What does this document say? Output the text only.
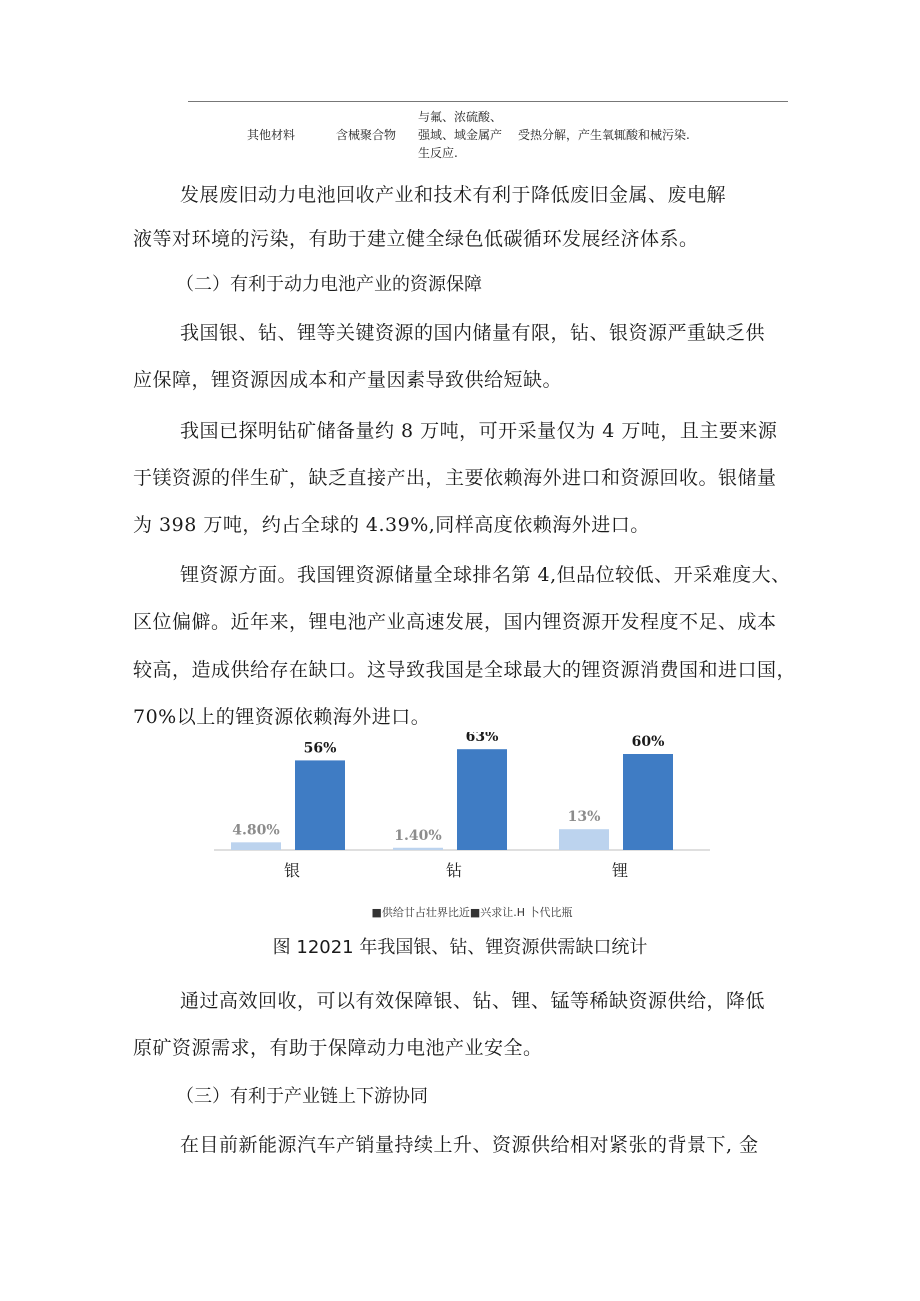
其他材料	含械聚合物
与氟、浓硫酸、
强域、域金属产
生反应.
受热分解，产生氧辄酸和械污染.
发展废旧动力电池回收产业和技术有利于降低废旧金属、废电解
液等对环境的污染，有助于建立健全绿色低碳循环发展经济体系。
（二）有利于动力电池产业的资源保障
我国银、钻、锂等关键资源的国内储量有限，钻、银资源严重缺乏供
应保障，锂资源因成本和产量因素导致供给短缺。
我国已探明钻矿储备量约 8 万吨，可开采量仅为 4 万吨，且主要来源
于镁资源的伴生矿，缺乏直接产出，主要依赖海外进口和资源回收。银储量
为 398 万吨，约占全球的 4.39%,同样高度依赖海外进口。
锂资源方面。我国锂资源储量全球排名第 4,但品位较低、开采难度大、
区位偏僻。近年来，锂电池产业高速发展，国内锂资源开发程度不足、成本
较高，造成供给存在缺口。这导致我国是全球最大的锂资源消费国和进口国，
70%以上的锂资源依赖海外进口。
4.80%
56%
银
1.40%
63%
钻
13%
60%
锂
■供给廿占壮界比近■兴求让.H 卜代比瓶
图 12021 年我国银、钻、锂资源供需缺口统计
通过高效回收，可以有效保障银、钻、锂、锰等稀缺资源供给，降低
原矿资源需求，有助于保障动力电池产业安全。
（三）有利于产业链上下游协同
在目前新能源汽车产销量持续上升、资源供给相对紧张的背景下, 金
